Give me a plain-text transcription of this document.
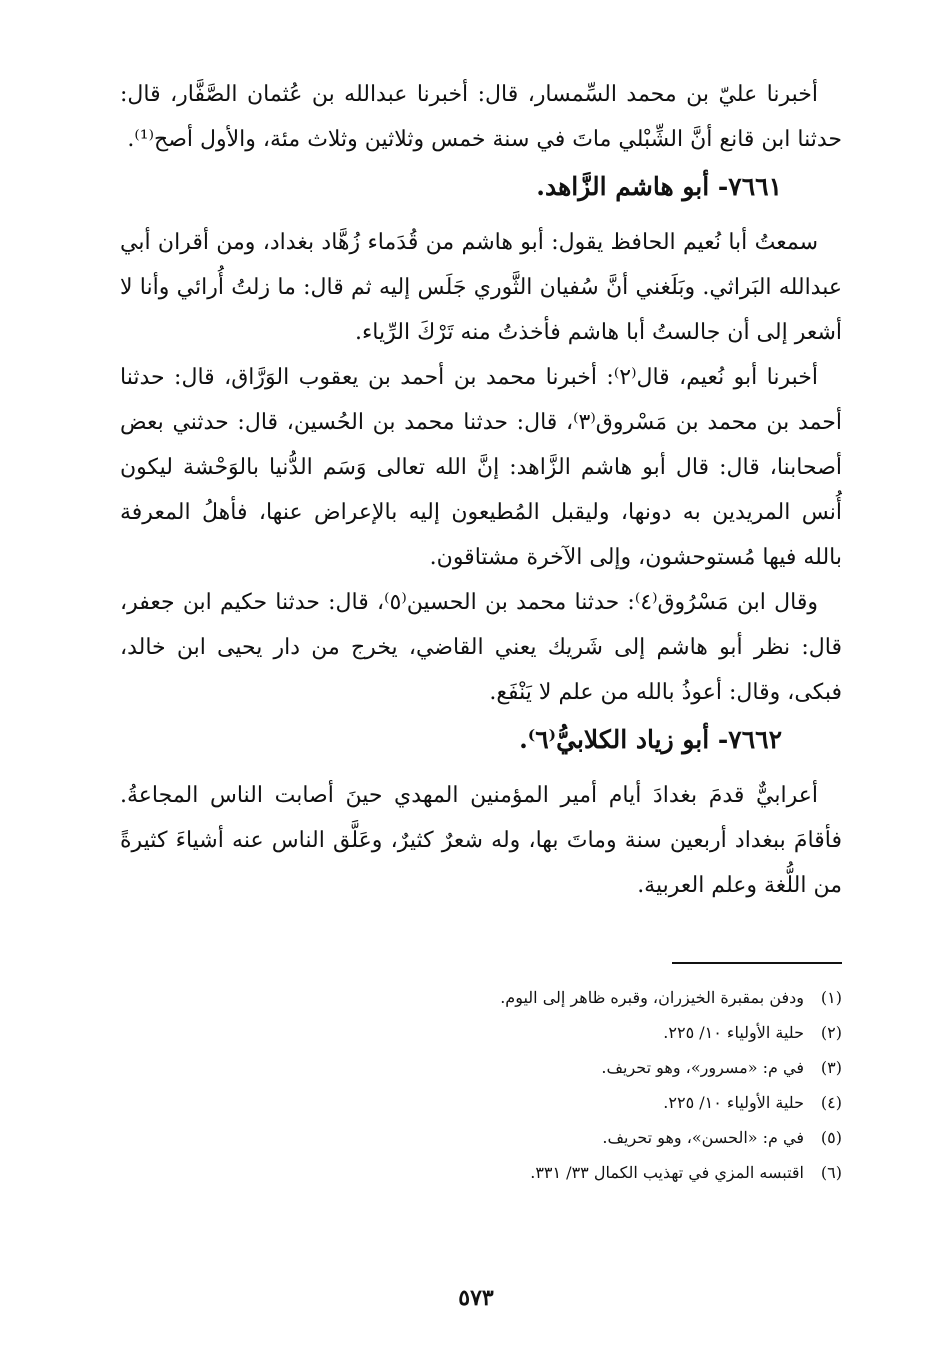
أخبرنا عليّ بن محمد السِّمسار، قال: أخبرنا عبدالله بن عُثمان الصَّفَّار، قال: حدثنا ابن قانع أنَّ الشِّبْلي ماتَ في سنة خمس وثلاثين وثلاث مئة، والأول أصح⁽¹⁾.

٧٦٦١- أبو هاشم الزَّاهد.

سمعتُ أبا نُعيم الحافظ يقول: أبو هاشم من قُدَماء زُهَّاد بغداد، ومن أقران أبي عبدالله البَراثي. وبَلَغني أنَّ سُفيان الثَّوري جَلَس إليه ثم قال: ما زلتُ أُرائي وأنا لا أشعر إلى أن جالستُ أبا هاشم فأخذتُ منه تَرْكَ الرِّياء.

أخبرنا أبو نُعيم، قال⁽٢⁾: أخبرنا محمد بن أحمد بن يعقوب الوَرَّاق، قال: حدثنا أحمد بن محمد بن مَسْروق⁽٣⁾، قال: حدثنا محمد بن الحُسين، قال: حدثني بعض أصحابنا، قال: قال أبو هاشم الزَّاهد: إنَّ الله تعالى وَسَم الدُّنيا بالوَحْشة ليكون أُنس المريدين به دونها، وليقبل المُطيعون إليه بالإعراض عنها، فأهلُ المعرفة بالله فيها مُستوحشون، وإلى الآخرة مشتاقون.

وقال ابن مَسْرُوق⁽٤⁾: حدثنا محمد بن الحسين⁽٥⁾، قال: حدثنا حكيم ابن جعفر، قال: نظر أبو هاشم إلى شَريك يعني القاضي، يخرج من دار يحيى ابن خالد، فبكى، وقال: أعوذُ بالله من علم لا يَنْفَع.

٧٦٦٢- أبو زياد الكلابيُّ⁽٦⁾.

أعرابيٌّ قدمَ بغدادَ أيام أمير المؤمنين المهدي حينَ أصابت الناس المجاعةُ. فأقامَ ببغداد أربعين سنة وماتَ بها، وله شعرٌ كثيرٌ، وعَلَّق الناس عنه أشياءَ كثيرةً من اللُّغة وعلم العربية.

(١)ودفن بمقبرة الخيزران، وقبره ظاهر إلى اليوم.
(٢)حلية الأولياء ١٠/ ٢٢٥.
(٣)في م: «مسرور»، وهو تحريف.
(٤)حلية الأولياء ١٠/ ٢٢٥.
(٥)في م: «الحسن»، وهو تحريف.
(٦)اقتبسه المزي في تهذيب الكمال ٣٣/ ٣٣١.
٥٧٣
